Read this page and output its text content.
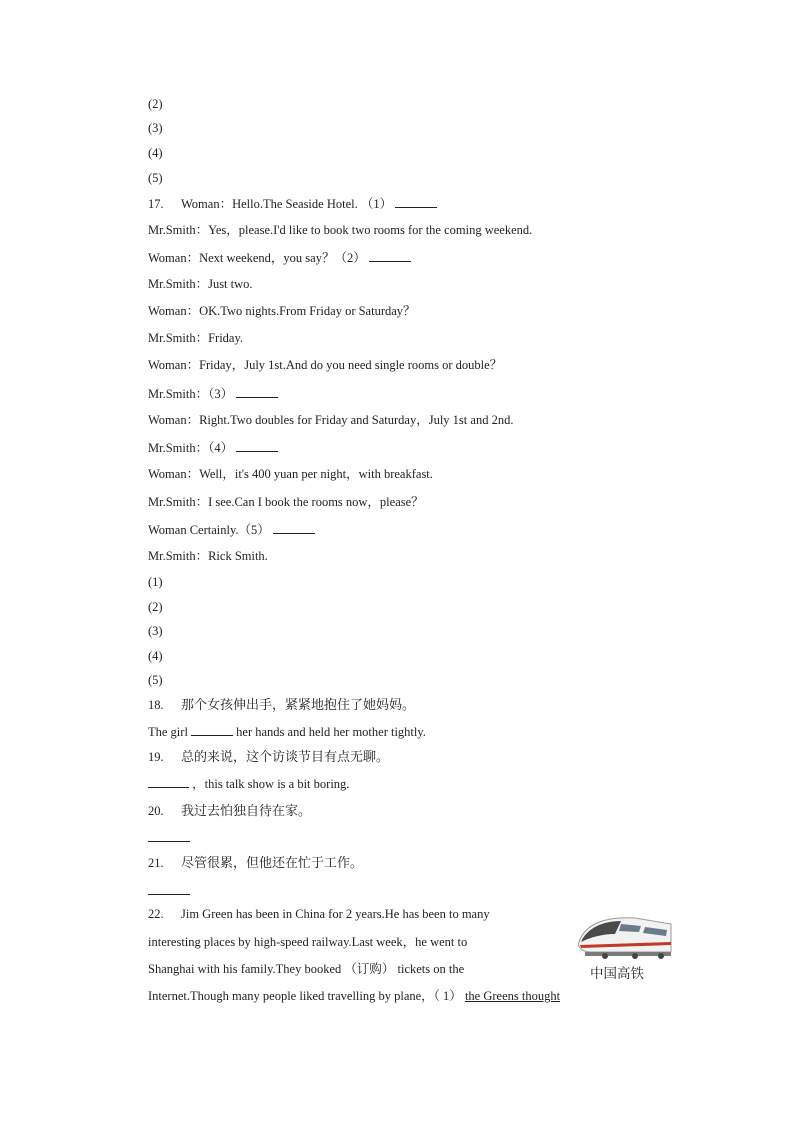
(2)
(3)
(4)
(5)
17. Woman：Hello.The Seaside Hotel. （1）
Mr.Smith：Yes，please.I'd like to book two rooms for the coming weekend.
Woman：Next weekend，you say？（2）
Mr.Smith：Just two.
Woman：OK.Two nights.From Friday or Saturday？
Mr.Smith：Friday.
Woman：Friday，July 1st.And do you need single rooms or double？
Mr.Smith：（3）
Woman：Right.Two doubles for Friday and Saturday，July 1st and 2nd.
Mr.Smith：（4）
Woman：Well，it's 400 yuan per night，with breakfast.
Mr.Smith：I see.Can I book the rooms now，please？
Woman Certainly.（5）
Mr.Smith：Rick Smith.
(1)
(2)
(3)
(4)
(5)
18. 那个女孩伸出手，紧紧地抱住了她妈妈。
The girl	her hands and held her mother tightly.
19. 总的来说，这个访谈节目有点无聊。
，this talk show is a bit boring.
20. 我过去怕独自待在家。
21. 尽管很累，但他还在忙于工作。
22. Jim Green has been in China for 2 years.He has been to many
interesting places by high-speed railway.Last week，he went to
Shanghai with his family.They booked （订购） tickets on the
Internet.Though many people liked travelling by plane，（ 1） the Greens thought
中国高铁
